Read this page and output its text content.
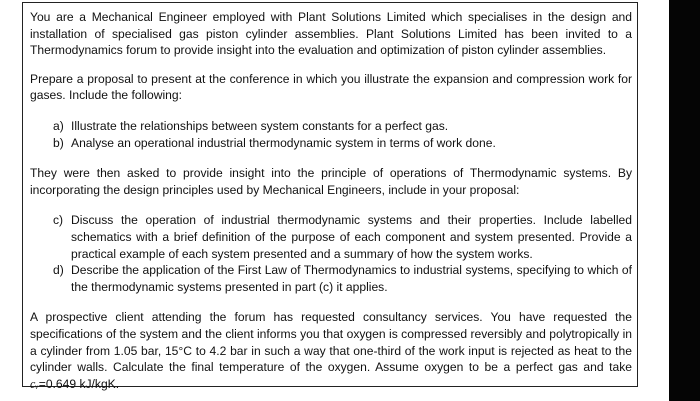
You are a Mechanical Engineer employed with Plant Solutions Limited which specialises in the design and installation of specialised gas piston cylinder assemblies. Plant Solutions Limited has been invited to a Thermodynamics forum to provide insight into the evaluation and optimization of piston cylinder assemblies.

Prepare a proposal to present at the conference in which you illustrate the expansion and compression work for gases. Include the following:

a) Illustrate the relationships between system constants for a perfect gas.
b) Analyse an operational industrial thermodynamic system in terms of work done.

They were then asked to provide insight into the principle of operations of Thermodynamic systems. By incorporating the design principles used by Mechanical Engineers, include in your proposal:

c) Discuss the operation of industrial thermodynamic systems and their properties. Include labelled schematics with a brief definition of the purpose of each component and system presented. Provide a practical example of each system presented and a summary of how the system works.
d) Describe the application of the First Law of Thermodynamics to industrial systems, specifying to which of the thermodynamic systems presented in part (c) it applies.

A prospective client attending the forum has requested consultancy services. You have requested the specifications of the system and the client informs you that oxygen is compressed reversibly and polytropically in a cylinder from 1.05 bar, 15°C to 4.2 bar in such a way that one-third of the work input is rejected as heat to the cylinder walls. Calculate the final temperature of the oxygen. Assume oxygen to be a perfect gas and take cᵥ=0.649 kJ/kgK.
